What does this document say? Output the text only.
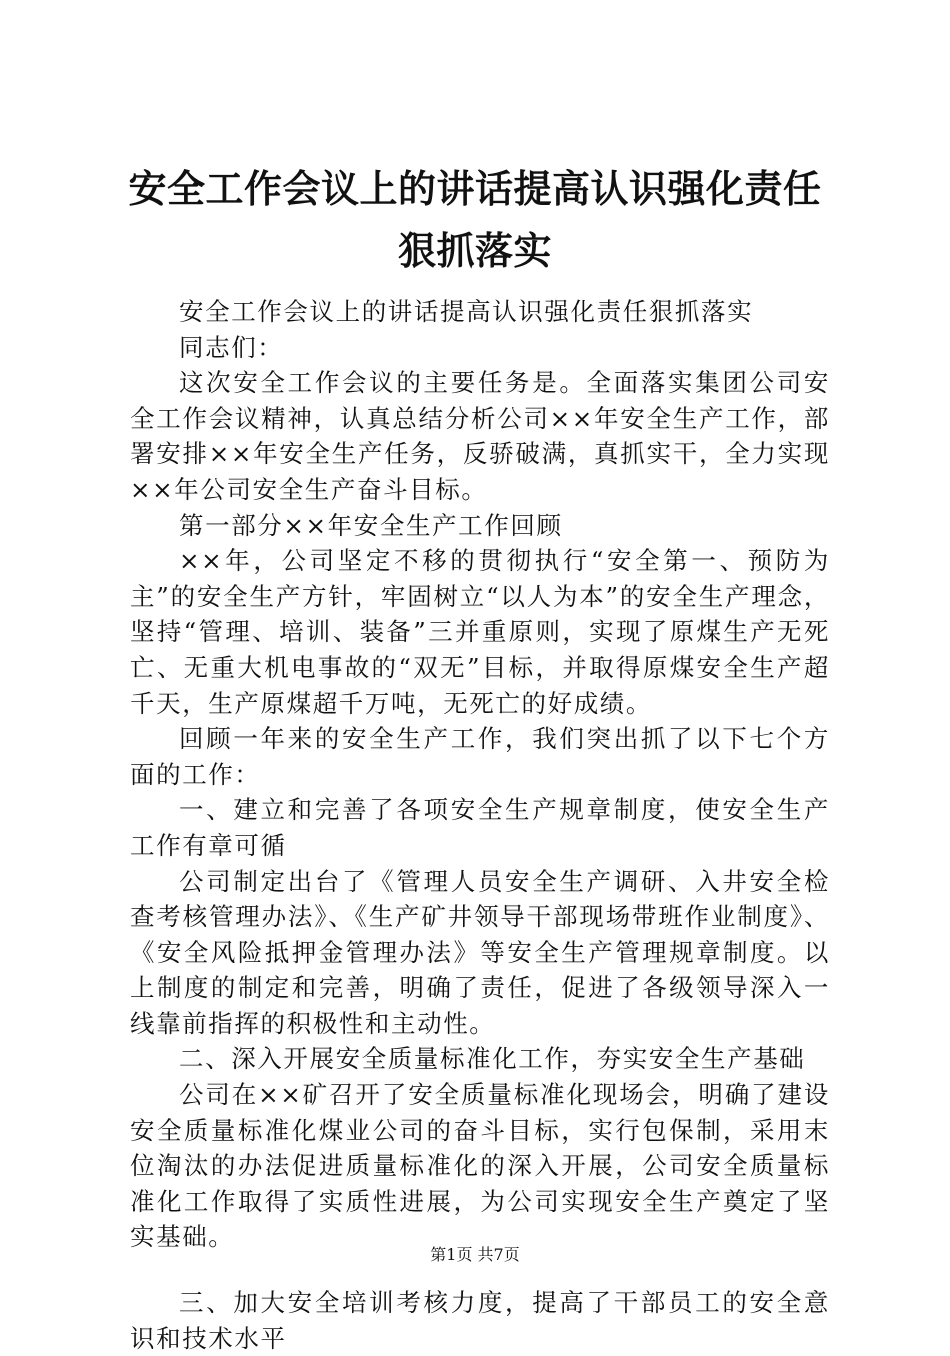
安全工作会议上的讲话提高认识强化责任狠抓落实

安全工作会议上的讲话提高认识强化责任狠抓落实

同志们：

这次安全工作会议的主要任务是。全面落实集团公司安全工作会议精神，认真总结分析公司××年安全生产工作，部署安排××年安全生产任务，反骄破满，真抓实干，全力实现××年公司安全生产奋斗目标。

第一部分××年安全生产工作回顾

××年，公司坚定不移的贯彻执行“安全第一、预防为主”的安全生产方针，牢固树立“以人为本”的安全生产理念，坚持“管理、培训、装备”三并重原则，实现了原煤生产无死亡、无重大机电事故的“双无”目标，并取得原煤安全生产超千天，生产原煤超千万吨，无死亡的好成绩。

回顾一年来的安全生产工作，我们突出抓了以下七个方面的工作：

一、建立和完善了各项安全生产规章制度，使安全生产工作有章可循

公司制定出台了《管理人员安全生产调研、入井安全检查考核管理办法》、《生产矿井领导干部现场带班作业制度》、《安全风险抵押金管理办法》等安全生产管理规章制度。以上制度的制定和完善，明确了责任，促进了各级领导深入一线靠前指挥的积极性和主动性。

二、深入开展安全质量标准化工作，夯实安全生产基础

公司在××矿召开了安全质量标准化现场会，明确了建设安全质量标准化煤业公司的奋斗目标，实行包保制，采用末位淘汰的办法促进质量标准化的深入开展，公司安全质量标准化工作取得了实质性进展，为公司实现安全生产奠定了坚实基础。

三、加大安全培训考核力度，提高了干部员工的安全意识和技术水平

第1页 共7页
